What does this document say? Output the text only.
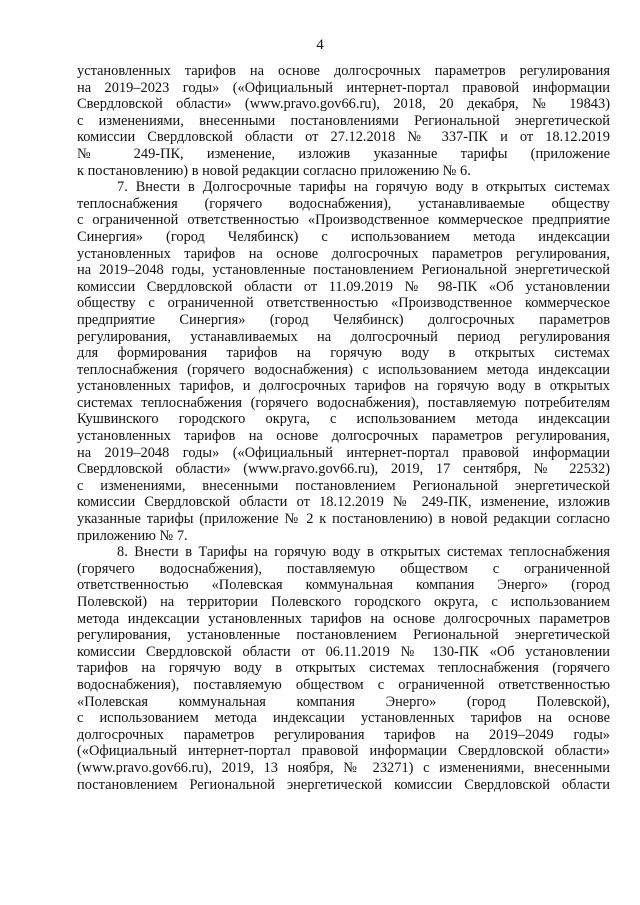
4
установленных тарифов на основе долгосрочных параметров регулирования
на 2019–2023 годы» («Официальный интернет-портал правовой информации
Свердловской области» (www.pravo.gov66.ru), 2018, 20 декабря, № 19843)
с изменениями, внесенными постановлениями Региональной энергетической
комиссии Свердловской области от 27.12.2018 № 337-ПК и от 18.12.2019
№ 249-ПК, изменение, изложив указанные тарифы (приложение
к постановлению) в новой редакции согласно приложению № 6.
7. Внести в Долгосрочные тарифы на горячую воду в открытых системах
теплоснабжения (горячего водоснабжения), устанавливаемые обществу
с ограниченной ответственностью «Производственное коммерческое предприятие
Синергия» (город Челябинск) с использованием метода индексации
установленных тарифов на основе долгосрочных параметров регулирования,
на 2019–2048 годы, установленные постановлением Региональной энергетической
комиссии Свердловской области от 11.09.2019 № 98-ПК «Об установлении
обществу с ограниченной ответственностью «Производственное коммерческое
предприятие Синергия» (город Челябинск) долгосрочных параметров
регулирования, устанавливаемых на долгосрочный период регулирования
для формирования тарифов на горячую воду в открытых системах
теплоснабжения (горячего водоснабжения) с использованием метода индексации
установленных тарифов, и долгосрочных тарифов на горячую воду в открытых
системах теплоснабжения (горячего водоснабжения), поставляемую потребителям
Кушвинского городского округа, с использованием метода индексации
установленных тарифов на основе долгосрочных параметров регулирования,
на 2019–2048 годы» («Официальный интернет-портал правовой информации
Свердловской области» (www.pravo.gov66.ru), 2019, 17 сентября, № 22532)
с изменениями, внесенными постановлением Региональной энергетической
комиссии Свердловской области от 18.12.2019 № 249-ПК, изменение, изложив
указанные тарифы (приложение № 2 к постановлению) в новой редакции согласно
приложению № 7.
8. Внести в Тарифы на горячую воду в открытых системах теплоснабжения
(горячего водоснабжения), поставляемую обществом с ограниченной
ответственностью «Полевская коммунальная компания Энерго» (город
Полевской) на территории Полевского городского округа, с использованием
метода индексации установленных тарифов на основе долгосрочных параметров
регулирования, установленные постановлением Региональной энергетической
комиссии Свердловской области от 06.11.2019 № 130-ПК «Об установлении
тарифов на горячую воду в открытых системах теплоснабжения (горячего
водоснабжения), поставляемую обществом с ограниченной ответственностью
«Полевская коммунальная компания Энерго» (город Полевской),
с использованием метода индексации установленных тарифов на основе
долгосрочных параметров регулирования тарифов на 2019–2049 годы»
(«Официальный интернет-портал правовой информации Свердловской области»
(www.pravo.gov66.ru), 2019, 13 ноября, № 23271) с изменениями, внесенными
постановлением Региональной энергетической комиссии Свердловской области
